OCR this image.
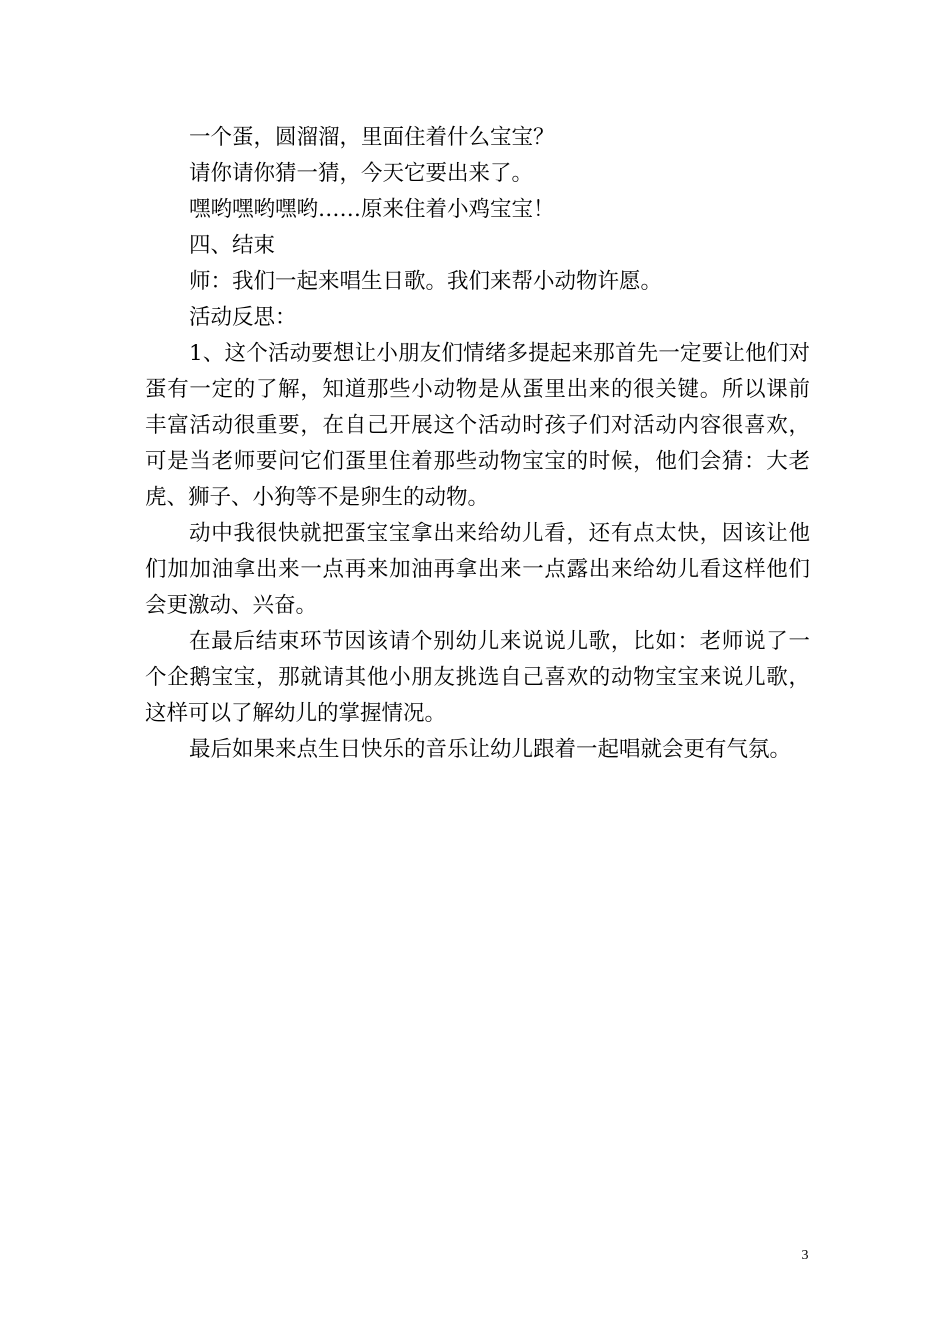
一个蛋，圆溜溜，里面住着什么宝宝？

请你请你猜一猜，今天它要出来了。

嘿哟嘿哟嘿哟……原来住着小鸡宝宝！

四、结束

师：我们一起来唱生日歌。我们来帮小动物许愿。

活动反思：

1、这个活动要想让小朋友们情绪多提起来那首先一定要让他们对蛋有一定的了解，知道那些小动物是从蛋里出来的很关键。所以课前丰富活动很重要，在自己开展这个活动时孩子们对活动内容很喜欢，可是当老师要问它们蛋里住着那些动物宝宝的时候，他们会猜：大老虎、狮子、小狗等不是卵生的动物。

动中我很快就把蛋宝宝拿出来给幼儿看，还有点太快，因该让他们加加油拿出来一点再来加油再拿出来一点露出来给幼儿看这样他们会更激动、兴奋。

在最后结束环节因该请个别幼儿来说说儿歌，比如：老师说了一个企鹅宝宝，那就请其他小朋友挑选自己喜欢的动物宝宝来说儿歌，这样可以了解幼儿的掌握情况。

最后如果来点生日快乐的音乐让幼儿跟着一起唱就会更有气氛。

3
